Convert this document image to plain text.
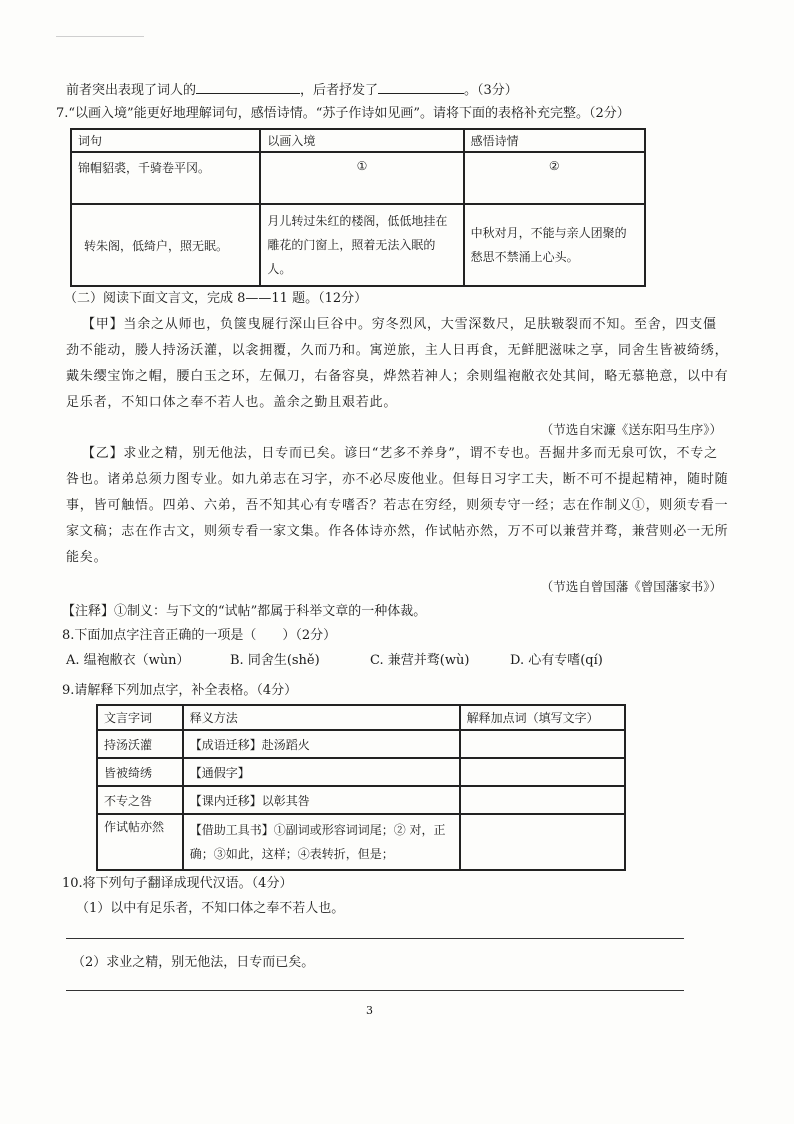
前者突出表现了词人的	，后者抒发了	。（3分）
7.“以画入境”能更好地理解词句，感悟诗情。“苏子作诗如见画”。请将下面的表格补充完整。（2分）
词句	以画入境	感悟诗情
锦帽貂裘，千骑卷平冈。	①	②
转朱阁，低绮户，照无眠。	月儿转过朱红的楼阁，低低地挂在雕花的门窗上，照着无法入眠的人。	中秋对月，不能与亲人团聚的愁思不禁涌上心头。
（二）阅读下面文言文，完成 8——11 题。（12分）
【甲】当余之从师也，负箧曳屣行深山巨谷中。穷冬烈风，大雪深数尺，足肤皲裂而不知。至舍，四支僵劲不能动，媵人持汤沃灌，以衾拥覆，久而乃和。寓逆旅，主人日再食，无鲜肥滋味之享，同舍生皆被绮绣，戴朱缨宝饰之帽，腰白玉之环，左佩刀，右备容臭，烨然若神人；余则缊袍敝衣处其间，略无慕艳意，以中有足乐者，不知口体之奉不若人也。盖余之勤且艰若此。
（节选自宋濂《送东阳马生序》）
【乙】求业之精，别无他法，日专而已矣。谚曰“艺多不养身”，谓不专也。吾掘井多而无泉可饮，不专之咎也。诸弟总须力图专业。如九弟志在习字，亦不必尽废他业。但每日习字工夫，断不可不提起精神，随时随事，皆可触悟。四弟、六弟，吾不知其心有专嗜否？若志在穷经，则须专守一经；志在作制义①，则须专看一家文稿；志在作古文，则须专看一家文集。作各体诗亦然，作试帖亦然，万不可以兼营并骛，兼营则必一无所能矣。
（节选自曾国藩《曾国藩家书》）
【注释】①制义：与下文的“试帖”都属于科举文章的一种体裁。
8.下面加点字注音正确的一项是（　　）（2分）
A. 缊袍敝衣（wùn）	B. 同舍生(shě)	C. 兼营并骛(wù)	D. 心有专嗜(qí)
9.请解释下列加点字，补全表格。（4分）
文言字词	释义方法	解释加点词（填写文字）
持汤沃灌	【成语迁移】赴汤蹈火	
皆被绮绣	【通假字】	
不专之咎	【课内迁移】以彰其咎	
作试帖亦然	【借助工具书】①副词或形容词词尾；② 对，正确；③如此，这样；④表转折，但是；	
10.将下列句子翻译成现代汉语。（4分）
（1）以中有足乐者，不知口体之奉不若人也。
（2）求业之精，别无他法，日专而已矣。
3
